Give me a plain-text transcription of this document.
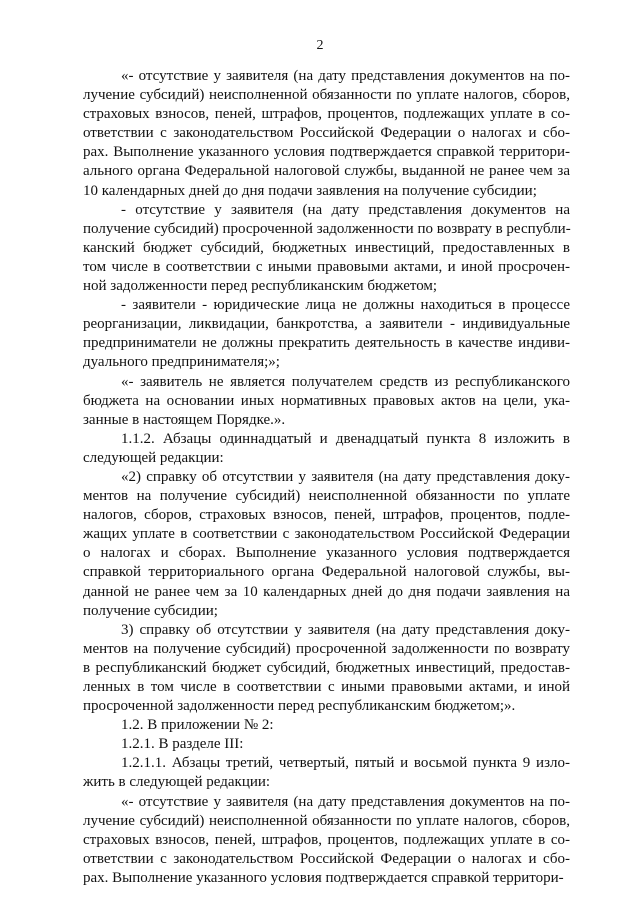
2

«- отсутствие у заявителя (на дату представления документов на по-
лучение субсидий) неисполненной обязанности по уплате налогов, сборов,
страховых взносов, пеней, штрафов, процентов, подлежащих уплате в со-
ответствии с законодательством Российской Федерации о налогах и сбо-
рах. Выполнение указанного условия подтверждается справкой территори-
ального органа Федеральной налоговой службы, выданной не ранее чем за
10 календарных дней до дня подачи заявления на получение субсидии;

- отсутствие у заявителя (на дату представления документов на
получение субсидий) просроченной задолженности по возврату в республи-
канский бюджет субсидий, бюджетных инвестиций, предоставленных в
том числе в соответствии с иными правовыми актами, и иной просрочен-
ной задолженности перед республиканским бюджетом;

- заявители - юридические лица не должны находиться в процессе
реорганизации, ликвидации, банкротства, а заявители - индивидуальные
предприниматели не должны прекратить деятельность в качестве индиви-
дуального предпринимателя;»;

«- заявитель не является получателем средств из республиканского
бюджета на основании иных нормативных правовых актов на цели, ука-
занные в настоящем Порядке.».

1.1.2. Абзацы одиннадцатый и двенадцатый пункта 8 изложить в
следующей редакции:

«2) справку об отсутствии у заявителя (на дату представления доку-
ментов на получение субсидий) неисполненной обязанности по уплате
налогов, сборов, страховых взносов, пеней, штрафов, процентов, подле-
жащих уплате в соответствии с законодательством Российской Федерации
о налогах и сборах. Выполнение указанного условия подтверждается
справкой территориального органа Федеральной налоговой службы, вы-
данной не ранее чем за 10 календарных дней до дня подачи заявления на
получение субсидии;

3) справку об отсутствии у заявителя (на дату представления доку-
ментов на получение субсидий) просроченной задолженности по возврату
в республиканский бюджет субсидий, бюджетных инвестиций, предостав-
ленных в том числе в соответствии с иными правовыми актами, и иной
просроченной задолженности перед республиканским бюджетом;».

1.2. В приложении № 2:

1.2.1. В разделе III:

1.2.1.1. Абзацы третий, четвертый, пятый и восьмой пункта 9 изло-
жить в следующей редакции:

«- отсутствие у заявителя (на дату представления документов на по-
лучение субсидий) неисполненной обязанности по уплате налогов, сборов,
страховых взносов, пеней, штрафов, процентов, подлежащих уплате в со-
ответствии с законодательством Российской Федерации о налогах и сбо-
рах. Выполнение указанного условия подтверждается справкой территори-
